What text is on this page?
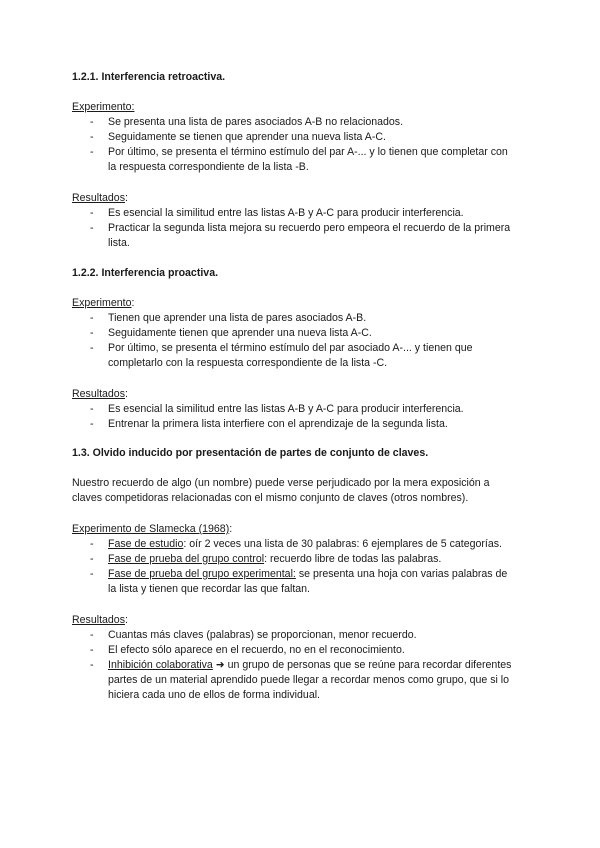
1.2.1. Interferencia retroactiva.

Experimento:

- Se presenta una lista de pares asociados A-B no relacionados.
- Seguidamente se tienen que aprender una nueva lista A-C.
- Por último, se presenta el término estímulo del par A-... y lo tienen que completar con la respuesta correspondiente de la lista -B.

Resultados:

- Es esencial la similitud entre las listas A-B y A-C para producir interferencia.
- Practicar la segunda lista mejora su recuerdo pero empeora el recuerdo de la primera lista.
1.2.2. Interferencia proactiva.

Experimento:

- Tienen que aprender una lista de pares asociados A-B.
- Seguidamente tienen que aprender una nueva lista A-C.
- Por último, se presenta el término estímulo del par asociado A-... y tienen que completarlo con la respuesta correspondiente de la lista -C.

Resultados:

- Es esencial la similitud entre las listas A-B y A-C para producir interferencia.
- Entrenar la primera lista interfiere con el aprendizaje de la segunda lista.
1.3. Olvido inducido por presentación de partes de conjunto de claves.

Nuestro recuerdo de algo (un nombre) puede verse perjudicado por la mera exposición a claves competidoras relacionadas con el mismo conjunto de claves (otros nombres).

Experimento de Slamecka (1968):

- Fase de estudio: oír 2 veces una lista de 30 palabras: 6 ejemplares de 5 categorías.
- Fase de prueba del grupo control: recuerdo libre de todas las palabras.
- Fase de prueba del grupo experimental: se presenta una hoja con varias palabras de la lista y tienen que recordar las que faltan.

Resultados:

- Cuantas más claves (palabras) se proporcionan, menor recuerdo.
- El efecto sólo aparece en el recuerdo, no en el reconocimiento.
- Inhibición colaborativa ➜ un grupo de personas que se reúne para recordar diferentes partes de un material aprendido puede llegar a recordar menos como grupo, que si lo hiciera cada uno de ellos de forma individual.
